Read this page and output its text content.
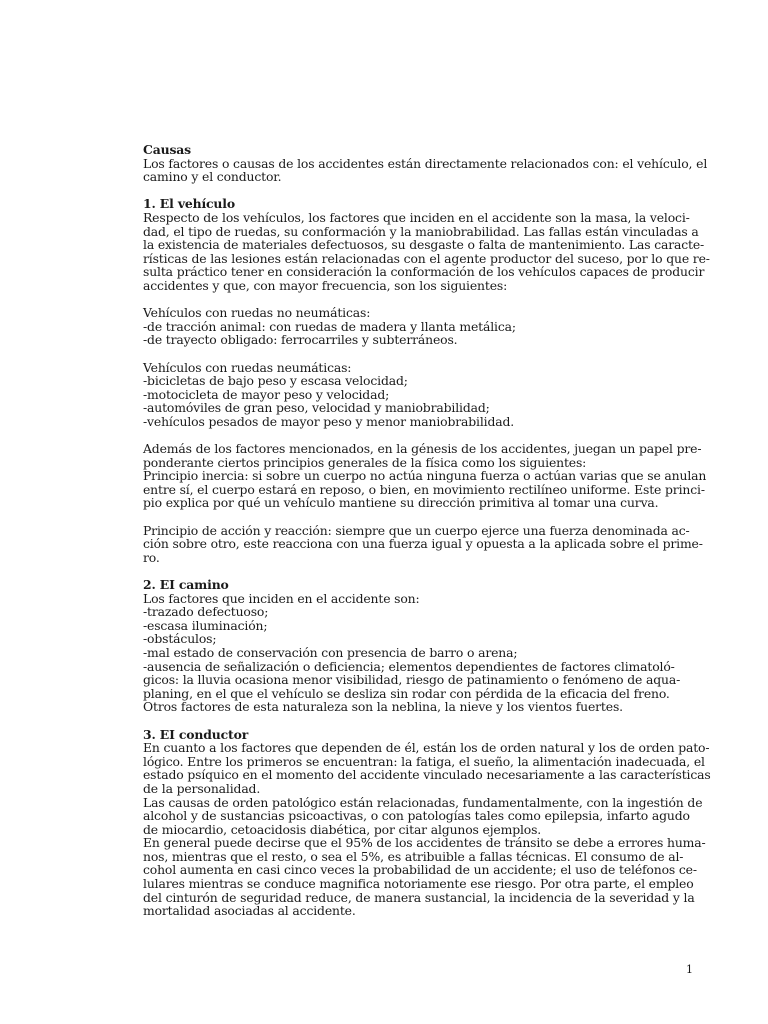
Causas
Los factores o causas de los accidentes están directamente relacionados con: el vehículo, el
camino y el conductor.
1. El vehículo
Respecto de los vehículos, los factores que inciden en el accidente son la masa, la veloci-
dad, el tipo de ruedas, su conformación y la maniobrabilidad. Las fallas están vinculadas a
la existencia de materiales defectuosos, su desgaste o falta de mantenimiento. Las caracte-
rísticas de las lesiones están relacionadas con el agente productor del suceso, por lo que re-
sulta práctico tener en consideración la conformación de los vehículos capaces de producir
accidentes y que, con mayor frecuencia, son los siguientes:
Vehículos con ruedas no neumáticas:
-de tracción animal: con ruedas de madera y llanta metálica;
-de trayecto obligado: ferrocarriles y subterráneos.
Vehículos con ruedas neumáticas:
-bicicletas de bajo peso y escasa velocidad;
-motocicleta de mayor peso y velocidad;
-automóviles de gran peso, velocidad y maniobrabilidad;
-vehículos pesados de mayor peso y menor maniobrabilidad.
Además de los factores mencionados, en la génesis de los accidentes, juegan un papel pre-
ponderante ciertos principios generales de la física como los siguientes:
Principio inercia: si sobre un cuerpo no actúa ninguna fuerza o actúan varias que se anulan
entre sí, el cuerpo estará en reposo, o bien, en movimiento rectilíneo uniforme. Este princi-
pio explica por qué un vehículo mantiene su dirección primitiva al tomar una curva.
Principio de acción y reacción: siempre que un cuerpo ejerce una fuerza denominada ac-
ción sobre otro, este reacciona con una fuerza igual y opuesta a la aplicada sobre el prime-
ro.
2. EI camino
Los factores que inciden en el accidente son:
-trazado defectuoso;
-escasa iluminación;
-obstáculos;
-mal estado de conservación con presencia de barro o arena;
-ausencia de señalización o deficiencia; elementos dependientes de factores climatoló-
gicos: la lluvia ocasiona menor visibilidad, riesgo de patinamiento o fenómeno de aqua-
planing, en el que el vehículo se desliza sin rodar con pérdida de la eficacia del freno.
Otros factores de esta naturaleza son la neblina, la nieve y los vientos fuertes.
3. EI conductor
En cuanto a los factores que dependen de él, están los de orden natural y los de orden pato-
lógico. Entre los primeros se encuentran: la fatiga, el sueño, la alimentación inadecuada, el
estado psíquico en el momento del accidente vinculado necesariamente a las características
de la personalidad.
Las causas de orden patológico están relacionadas, fundamentalmente, con la ingestión de
alcohol y de sustancias psicoactivas, o con patologías tales como epilepsia, infarto agudo
de miocardio, cetoacidosis diabética, por citar algunos ejemplos.
En general puede decirse que el 95% de los accidentes de tránsito se debe a errores huma-
nos, mientras que el resto, o sea el 5%, es atribuible a fallas técnicas. El consumo de al-
cohol aumenta en casi cinco veces la probabilidad de un accidente; el uso de teléfonos ce-
lulares mientras se conduce magnifica notoriamente ese riesgo. Por otra parte, el empleo
del cinturón de seguridad reduce, de manera sustancial, la incidencia de la severidad y la
mortalidad asociadas al accidente.
1
